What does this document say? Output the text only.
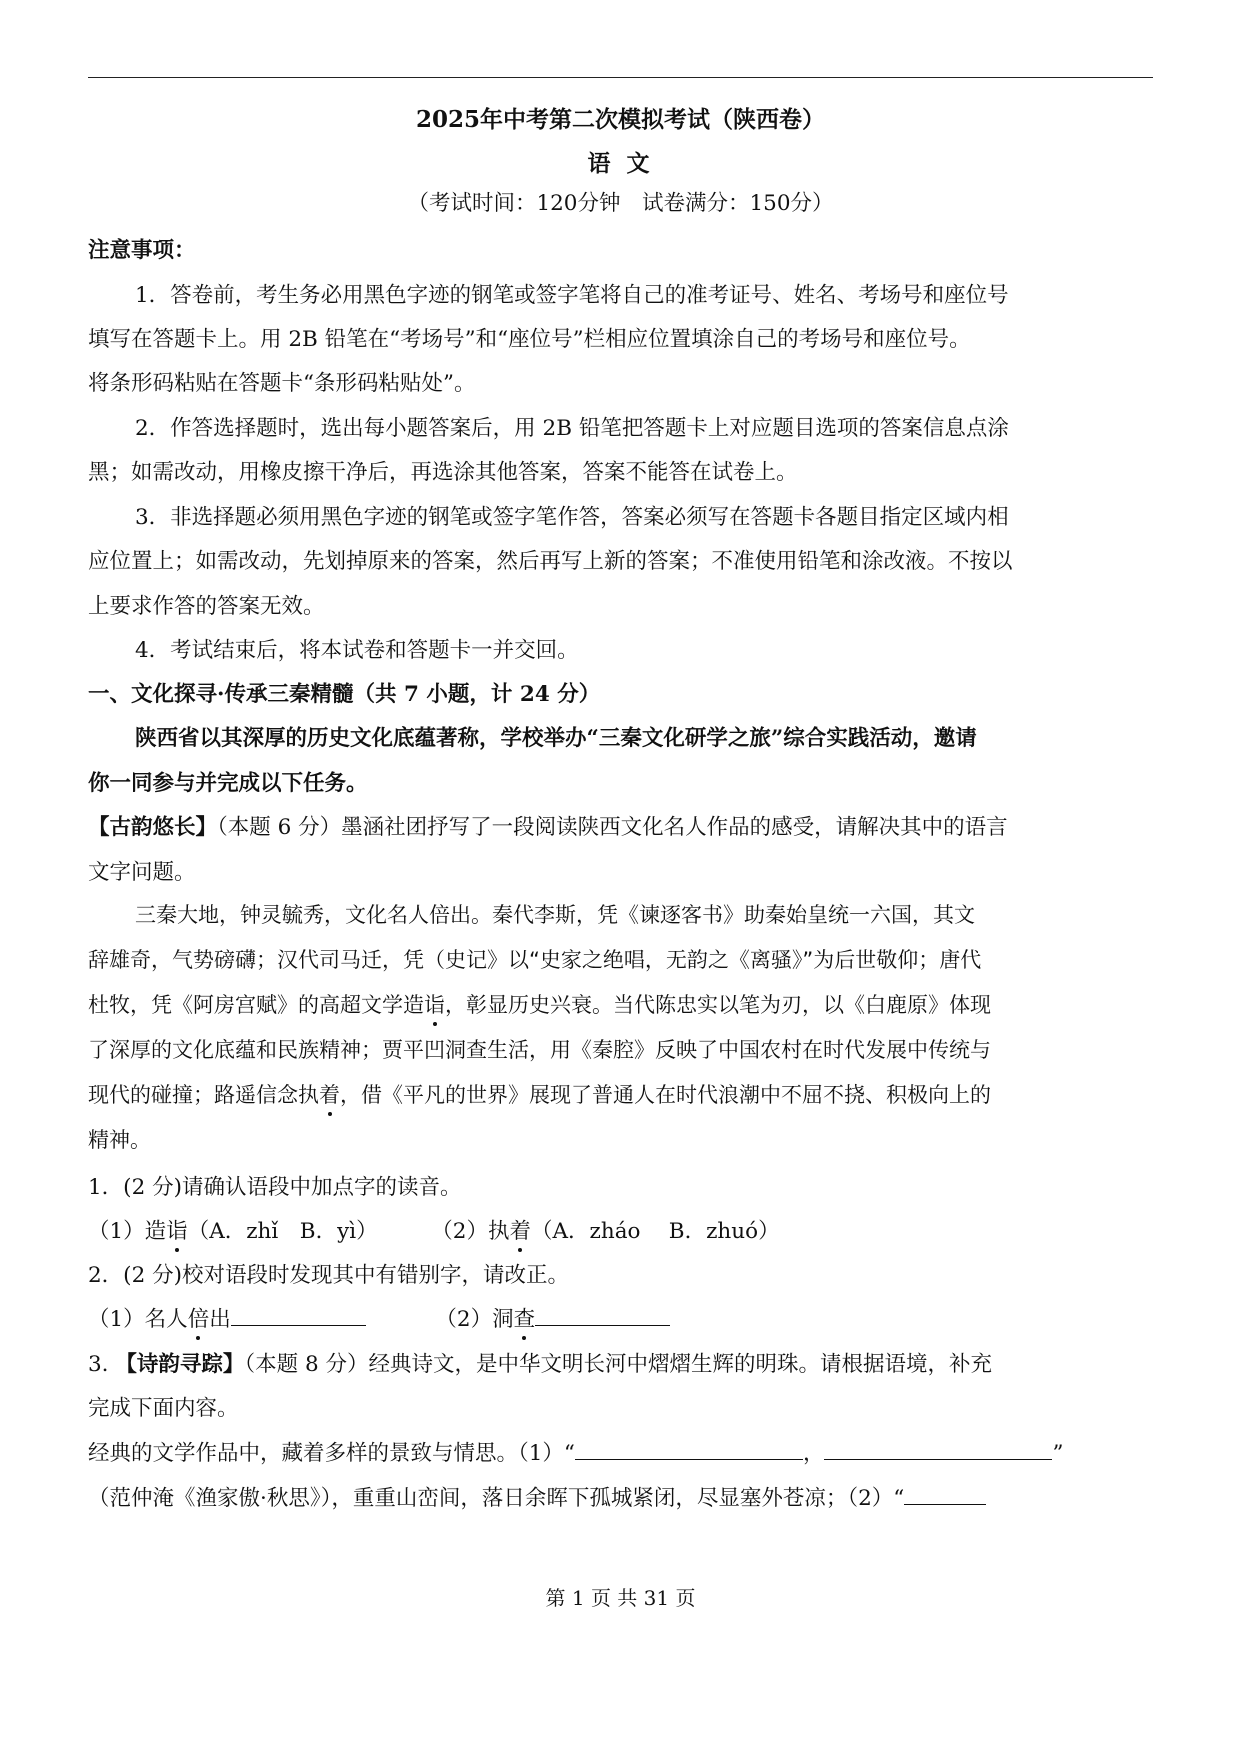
2025年中考第二次模拟考试（陕西卷）
语 文
（考试时间：120分钟　试卷满分：150分）
注意事项：
1．答卷前，考生务必用黑色字迹的钢笔或签字笔将自己的准考证号、姓名、考场号和座位号
填写在答题卡上。用 2B 铅笔在“考场号”和“座位号”栏相应位置填涂自己的考场号和座位号。
将条形码粘贴在答题卡“条形码粘贴处”。
2．作答选择题时，选出每小题答案后，用 2B 铅笔把答题卡上对应题目选项的答案信息点涂
黑；如需改动，用橡皮擦干净后，再选涂其他答案，答案不能答在试卷上。
3．非选择题必须用黑色字迹的钢笔或签字笔作答，答案必须写在答题卡各题目指定区域内相
应位置上；如需改动，先划掉原来的答案，然后再写上新的答案；不准使用铅笔和涂改液。不按以
上要求作答的答案无效。
4．考试结束后，将本试卷和答题卡一并交回。
一、文化探寻·传承三秦精髓（共 7 小题，计 24 分）
陕西省以其深厚的历史文化底蕴著称，学校举办“三秦文化研学之旅”综合实践活动，邀请
你一同参与并完成以下任务。
【古韵悠长】（本题 6 分）墨涵社团抒写了一段阅读陕西文化名人作品的感受，请解决其中的语言
文字问题。
三秦大地，钟灵毓秀，文化名人倍出。秦代李斯，凭《谏逐客书》助秦始皇统一六国，其文
辞雄奇，气势磅礴；汉代司马迁，凭（史记》以“史家之绝唱，无韵之《离骚》”为后世敬仰；唐代
杜牧，凭《阿房宫赋》的高超文学造诣，彰显历史兴衰。当代陈忠实以笔为刃，以《白鹿原》体现
了深厚的文化底蕴和民族精神；贾平凹洞查生活，用《秦腔》反映了中国农村在时代发展中传统与
现代的碰撞；路遥信念执着，借《平凡的世界》展现了普通人在时代浪潮中不屈不挠、积极向上的
精神。
1．(2 分)请确认语段中加点字的读音。
（1）造诣（A．zhǐ　B．yì） （2）执着（A．zháo　 B．zhuó）
2．(2 分)校对语段时发现其中有错别字，请改正。
（1）名人倍出	（2）洞查
3. 【诗韵寻踪】（本题 8 分）经典诗文，是中华文明长河中熠熠生辉的明珠。请根据语境，补充
完成下面内容。
经典的文学作品中，藏着多样的景致与情思。（1）“	，	”
（范仲淹《渔家傲·秋思》），重重山峦间，落日余晖下孤城紧闭，尽显塞外苍凉；（2）“
第 1 页 共 31 页
